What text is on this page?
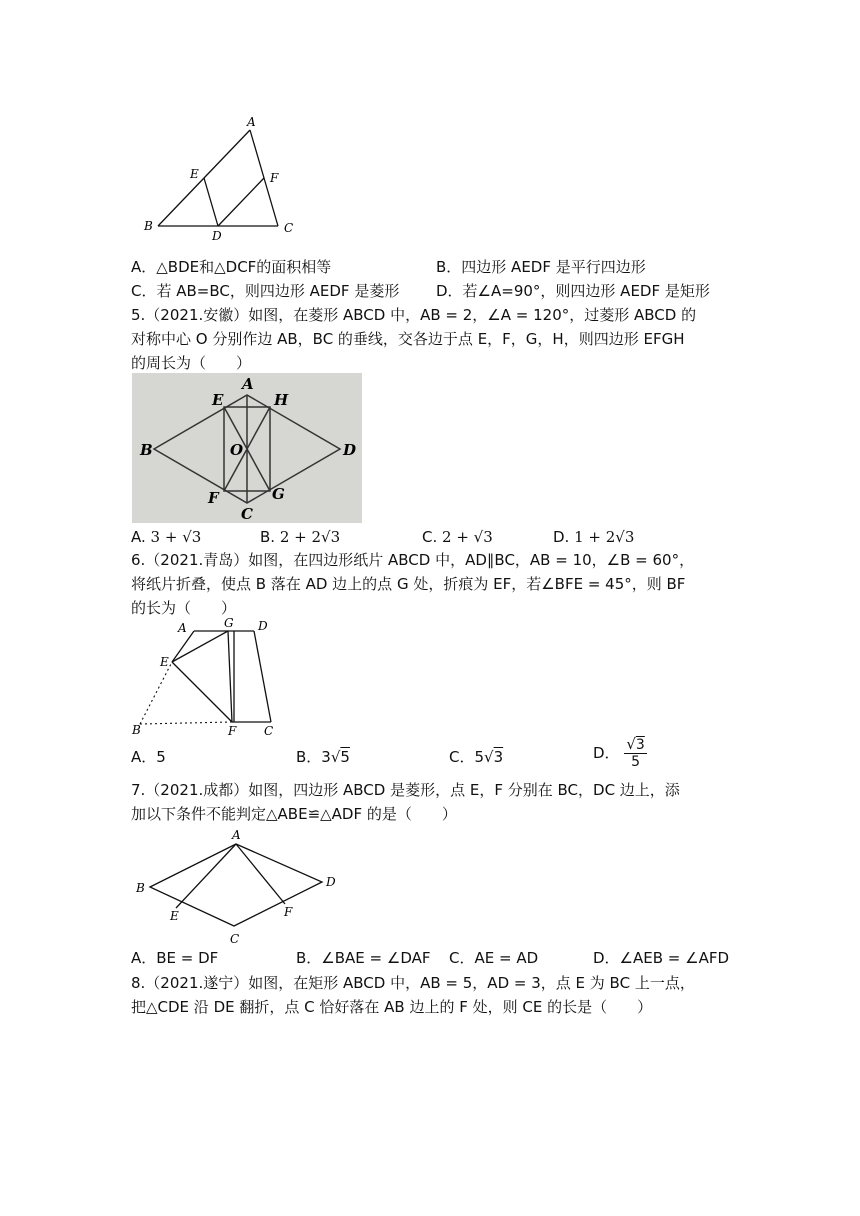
A
B	C
D
E	F
A．△BDE和△DCF的面积相等	B．四边形 AEDF 是平行四边形
C．若 AB=BC，则四边形 AEDF 是菱形 D．若∠A=90°，则四边形 AEDF 是矩形
5.（2021.安徽）如图，在菱形 ABCD 中，AB = 2，∠A = 120°，过菱形 ABCD 的
对称中心 O 分别作边 AB，BC 的垂线，交各边于点 E，F，G，H，则四边形 EFGH
的周长为（　　）
A
B
C
D
E
F	G
H
O
A. 3 + √3	B. 2 + 2√3	C. 2 + √3	D. 1 + 2√3
6.（2021.青岛）如图，在四边形纸片 ABCD 中，AD∥BC，AB = 10，∠B = 60°，
将纸片折叠，使点 B 落在 AD 边上的点 G 处，折痕为 EF，若∠BFE = 45°，则 BF
的长为（　　）
A	G D
E
B	F C
A．5	B．3√5	C．5√3	D． $\frac{√3}{5}$
7.（2021.成都）如图，四边形 ABCD 是菱形，点 E，F 分别在 BC，DC 边上，添
加以下条件不能判定△ABE≌△ADF 的是（　　）
A
B
C
D
E	F
A．BE = DF	B．∠BAE = ∠DAF C．AE = AD	D．∠AEB = ∠AFD
8.（2021.遂宁）如图，在矩形 ABCD 中，AB = 5，AD = 3，点 E 为 BC 上一点，
把△CDE 沿 DE 翻折，点 C 恰好落在 AB 边上的 F 处，则 CE 的长是（　　）
